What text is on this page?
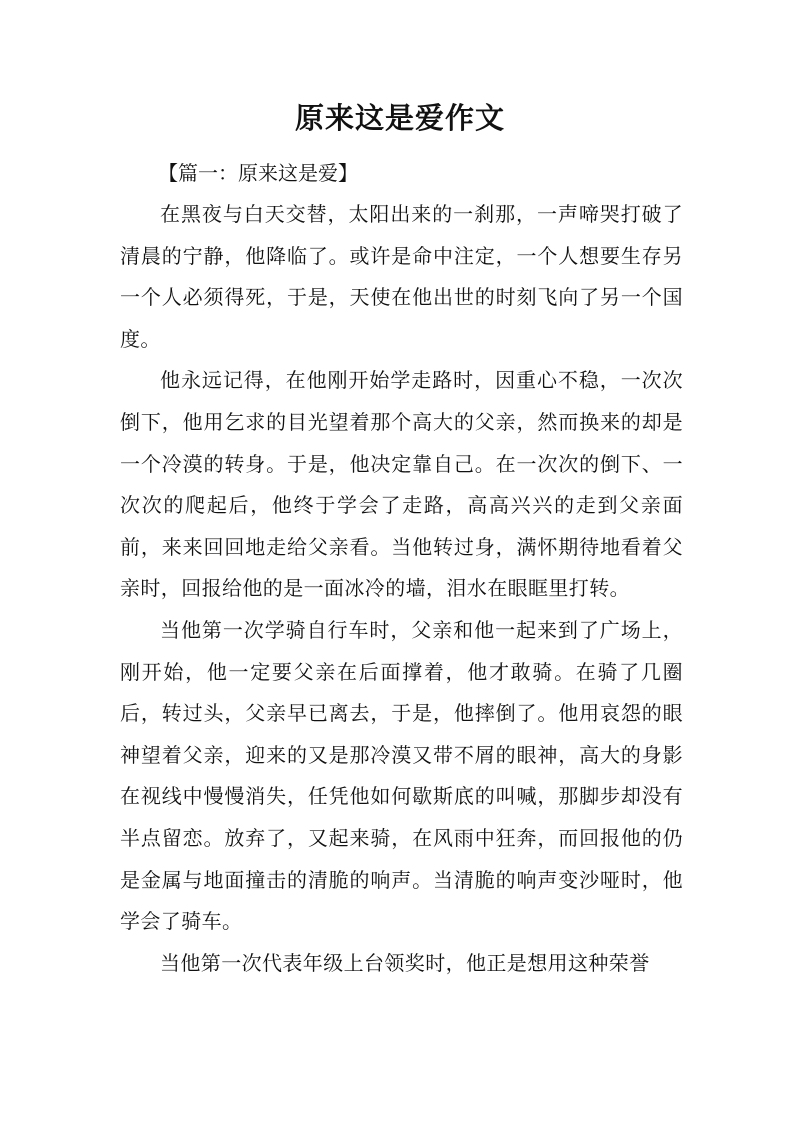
原来这是爱作文
【篇一：原来这是爱】

在黑夜与白天交替，太阳出来的一刹那，一声啼哭打破了清晨的宁静，他降临了。或许是命中注定，一个人想要生存另一个人必须得死，于是，天使在他出世的时刻飞向了另一个国度。

他永远记得，在他刚开始学走路时，因重心不稳，一次次倒下，他用乞求的目光望着那个高大的父亲，然而换来的却是一个冷漠的转身。于是，他决定靠自己。在一次次的倒下、一次次的爬起后，他终于学会了走路，高高兴兴的走到父亲面前，来来回回地走给父亲看。当他转过身，满怀期待地看着父亲时，回报给他的是一面冰冷的墙，泪水在眼眶里打转。

当他第一次学骑自行车时，父亲和他一起来到了广场上，刚开始，他一定要父亲在后面撑着，他才敢骑。在骑了几圈后，转过头，父亲早已离去，于是，他摔倒了。他用哀怨的眼神望着父亲，迎来的又是那冷漠又带不屑的眼神，高大的身影在视线中慢慢消失，任凭他如何歇斯底的叫喊，那脚步却没有半点留恋。放弃了，又起来骑，在风雨中狂奔，而回报他的仍是金属与地面撞击的清脆的响声。当清脆的响声变沙哑时，他学会了骑车。

当他第一次代表年级上台领奖时，他正是想用这种荣誉
